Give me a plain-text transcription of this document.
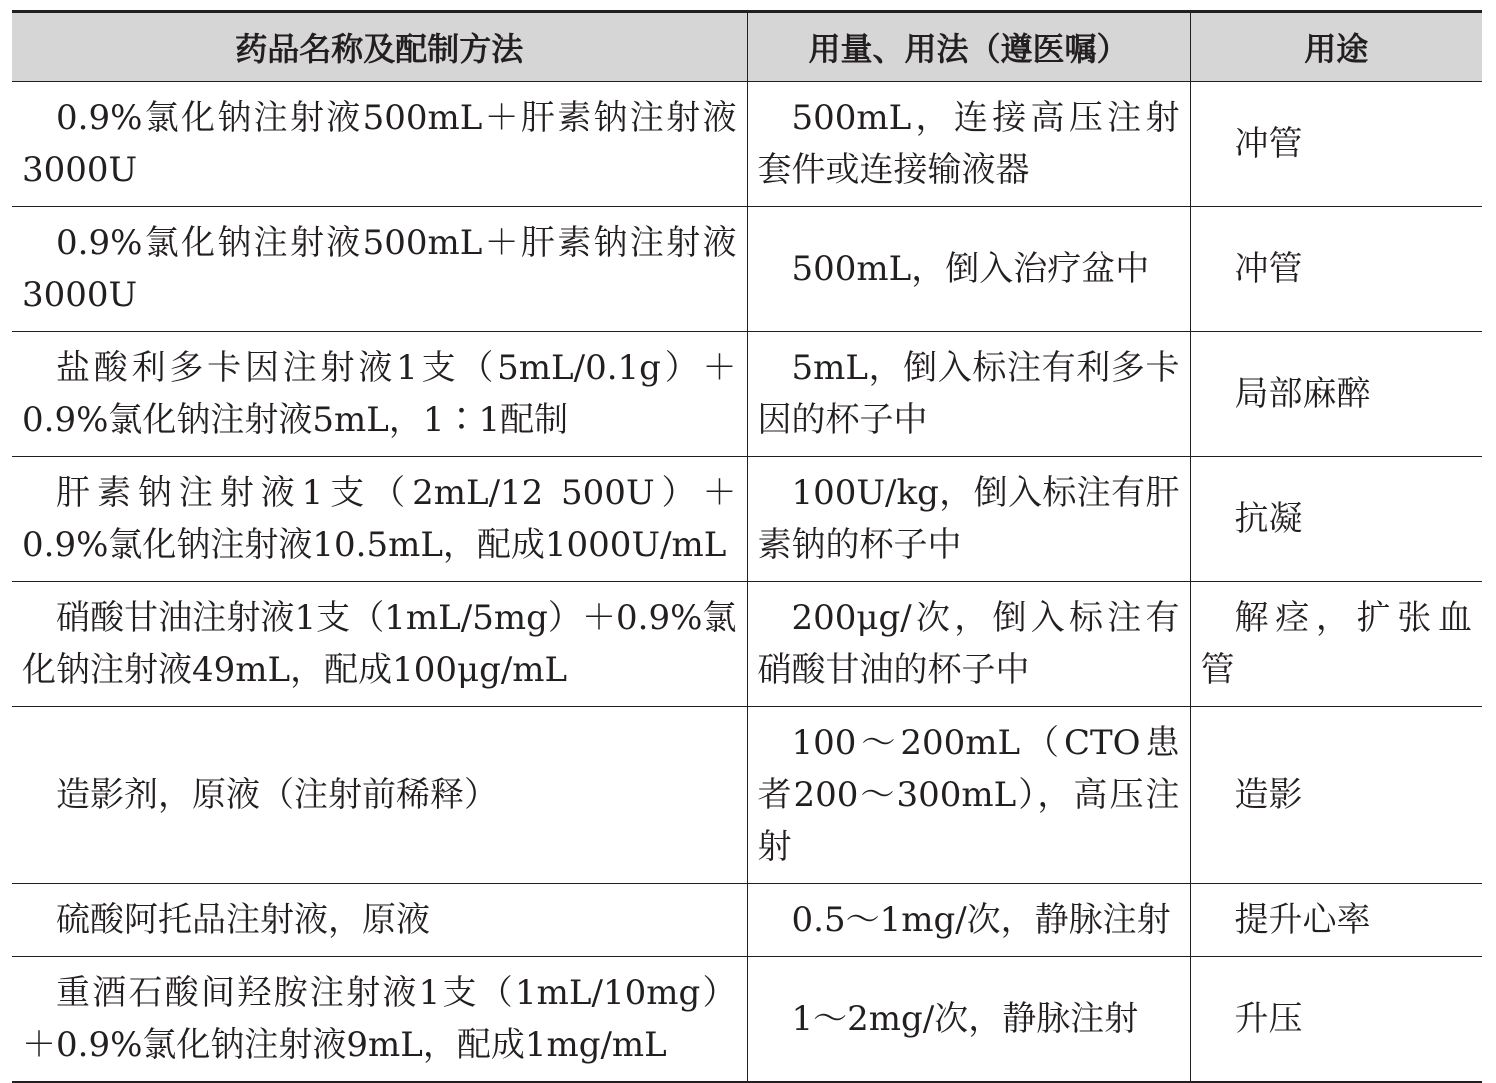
药品名称及配制方法	用量、用法（遵医嘱）	用途
0.9%氯化钠注射液500mL＋肝素钠注射液3000U	500mL，连接高压注射套件或连接输液器	冲管
0.9%氯化钠注射液500mL＋肝素钠注射液3000U	500mL，倒入治疗盆中	冲管
盐酸利多卡因注射液1支（5mL/0.1g）＋0.9%氯化钠注射液5mL，1∶1配制	5mL，倒入标注有利多卡因的杯子中	局部麻醉
肝素钠注射液1支（2mL/12 500U）＋0.9%氯化钠注射液10.5mL，配成1000U/mL	100U/kg，倒入标注有肝素钠的杯子中	抗凝
硝酸甘油注射液1支（1mL/5mg）＋0.9%氯化钠注射液49mL，配成100μg/mL	200μg/次，倒入标注有硝酸甘油的杯子中	解痉，扩张血管
造影剂，原液（注射前稀释）	100～200mL（CTO患者200～300mL），高压注射	造影
硫酸阿托品注射液，原液	0.5～1mg/次，静脉注射	提升心率
重酒石酸间羟胺注射液1支（1mL/10mg）＋0.9%氯化钠注射液9mL，配成1mg/mL	1～2mg/次，静脉注射	升压
